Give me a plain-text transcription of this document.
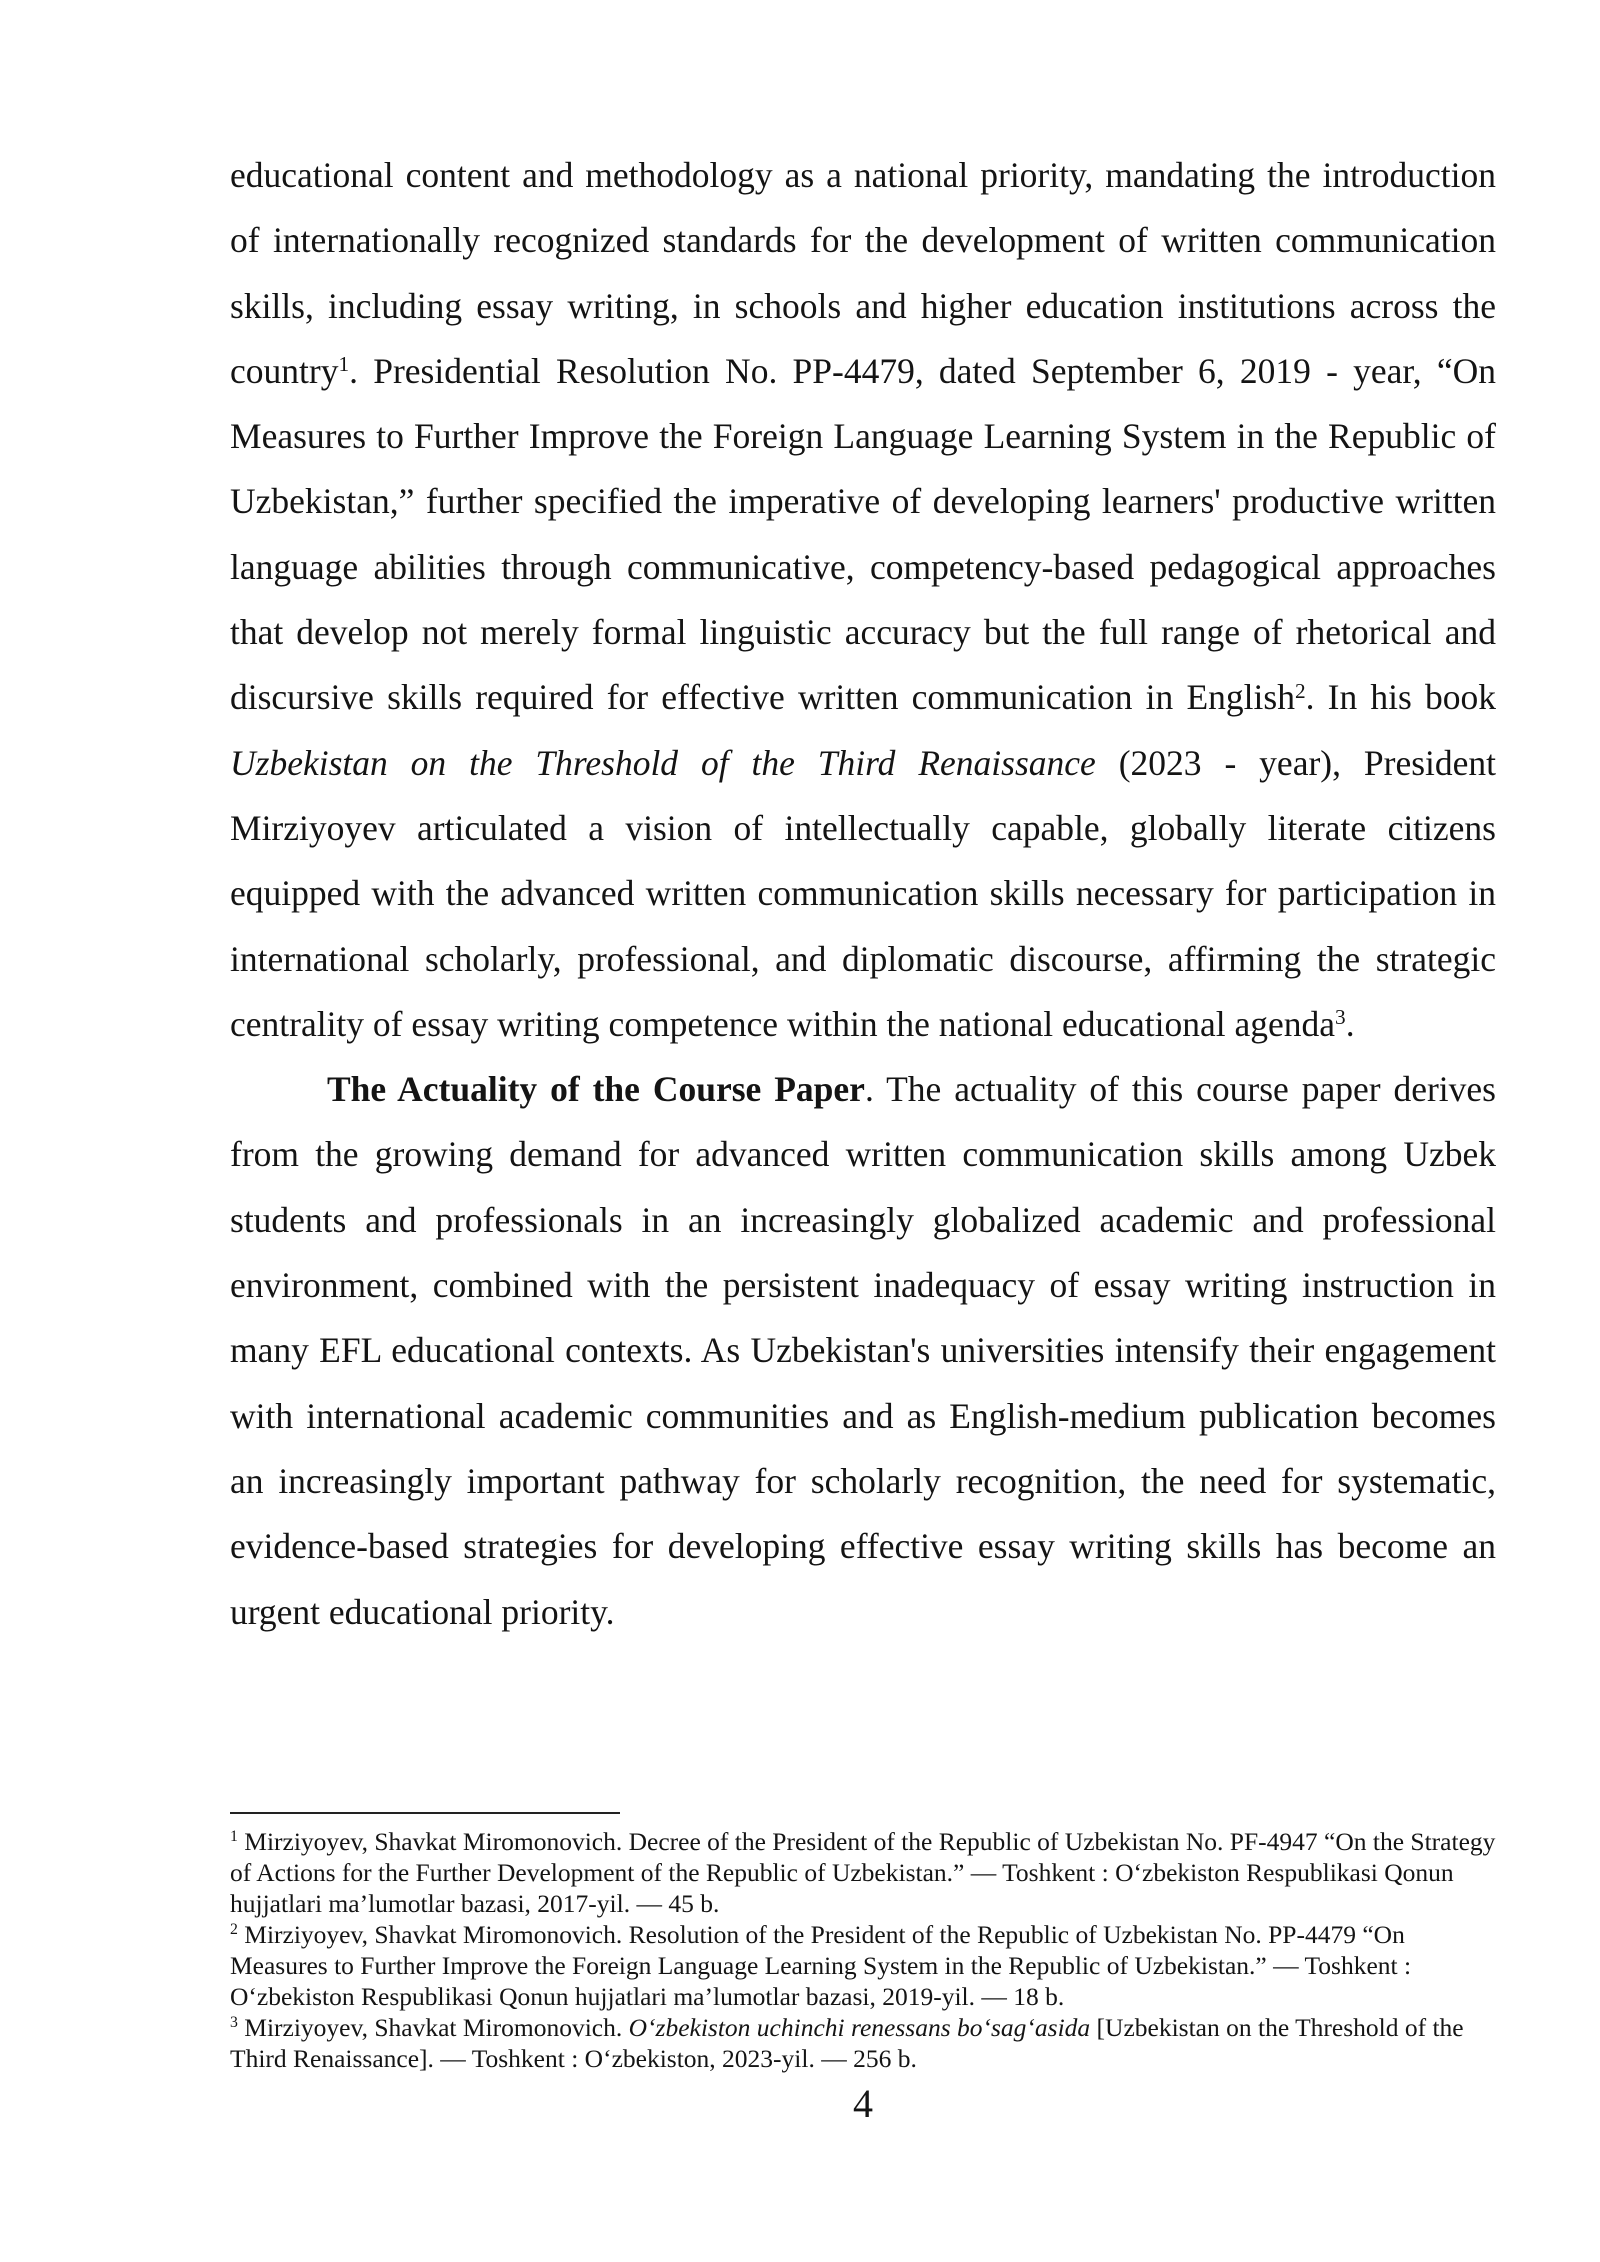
educational content and methodology as a national priority, mandating the introduction of internationally recognized standards for the development of written communication skills, including essay writing, in schools and higher education institutions across the country$^1$. Presidential Resolution No. PP-4479, dated September 6, 2019 - year, “On Measures to Further Improve the Foreign Language Learning System in the Republic of Uzbekistan,” further specified the imperative of developing learners' productive written language abilities through communicative, competency-based pedagogical approaches that develop not merely formal linguistic accuracy but the full range of rhetorical and discursive skills required for effective written communication in English$^2$. In his book Uzbekistan on the Threshold of the Third Renaissance (2023 - year), President Mirziyoyev articulated a vision of intellectually capable, globally literate citizens equipped with the advanced written communication skills necessary for participation in international scholarly, professional, and diplomatic discourse, affirming the strategic centrality of essay writing competence within the national educational agenda$^3$.

The Actuality of the Course Paper. The actuality of this course paper derives from the growing demand for advanced written communication skills among Uzbek students and professionals in an increasingly globalized academic and professional environment, combined with the persistent inadequacy of essay writing instruction in many EFL educational contexts. As Uzbekistan's universities intensify their engagement with international academic communities and as English-medium publication becomes an increasingly important pathway for scholarly recognition, the need for systematic, evidence-based strategies for developing effective essay writing skills has become an urgent educational priority.

$^1$ Mirziyoyev, Shavkat Miromonovich. Decree of the President of the Republic of Uzbekistan No. PF-4947 “On the Strategy of Actions for the Further Development of the Republic of Uzbekistan.” — Toshkent : O‘zbekiston Respublikasi Qonun hujjatlari ma’lumotlar bazasi, 2017-yil. — 45 b.

$^2$ Mirziyoyev, Shavkat Miromonovich. Resolution of the President of the Republic of Uzbekistan No. PP-4479 “On Measures to Further Improve the Foreign Language Learning System in the Republic of Uzbekistan.” — Toshkent : O‘zbekiston Respublikasi Qonun hujjatlari ma’lumotlar bazasi, 2019-yil. — 18 b.

$^3$ Mirziyoyev, Shavkat Miromonovich. O‘zbekiston uchinchi renessans bo‘sag‘asida [Uzbekistan on the Threshold of the Third Renaissance]. — Toshkent : O‘zbekiston, 2023-yil. — 256 b.

4
